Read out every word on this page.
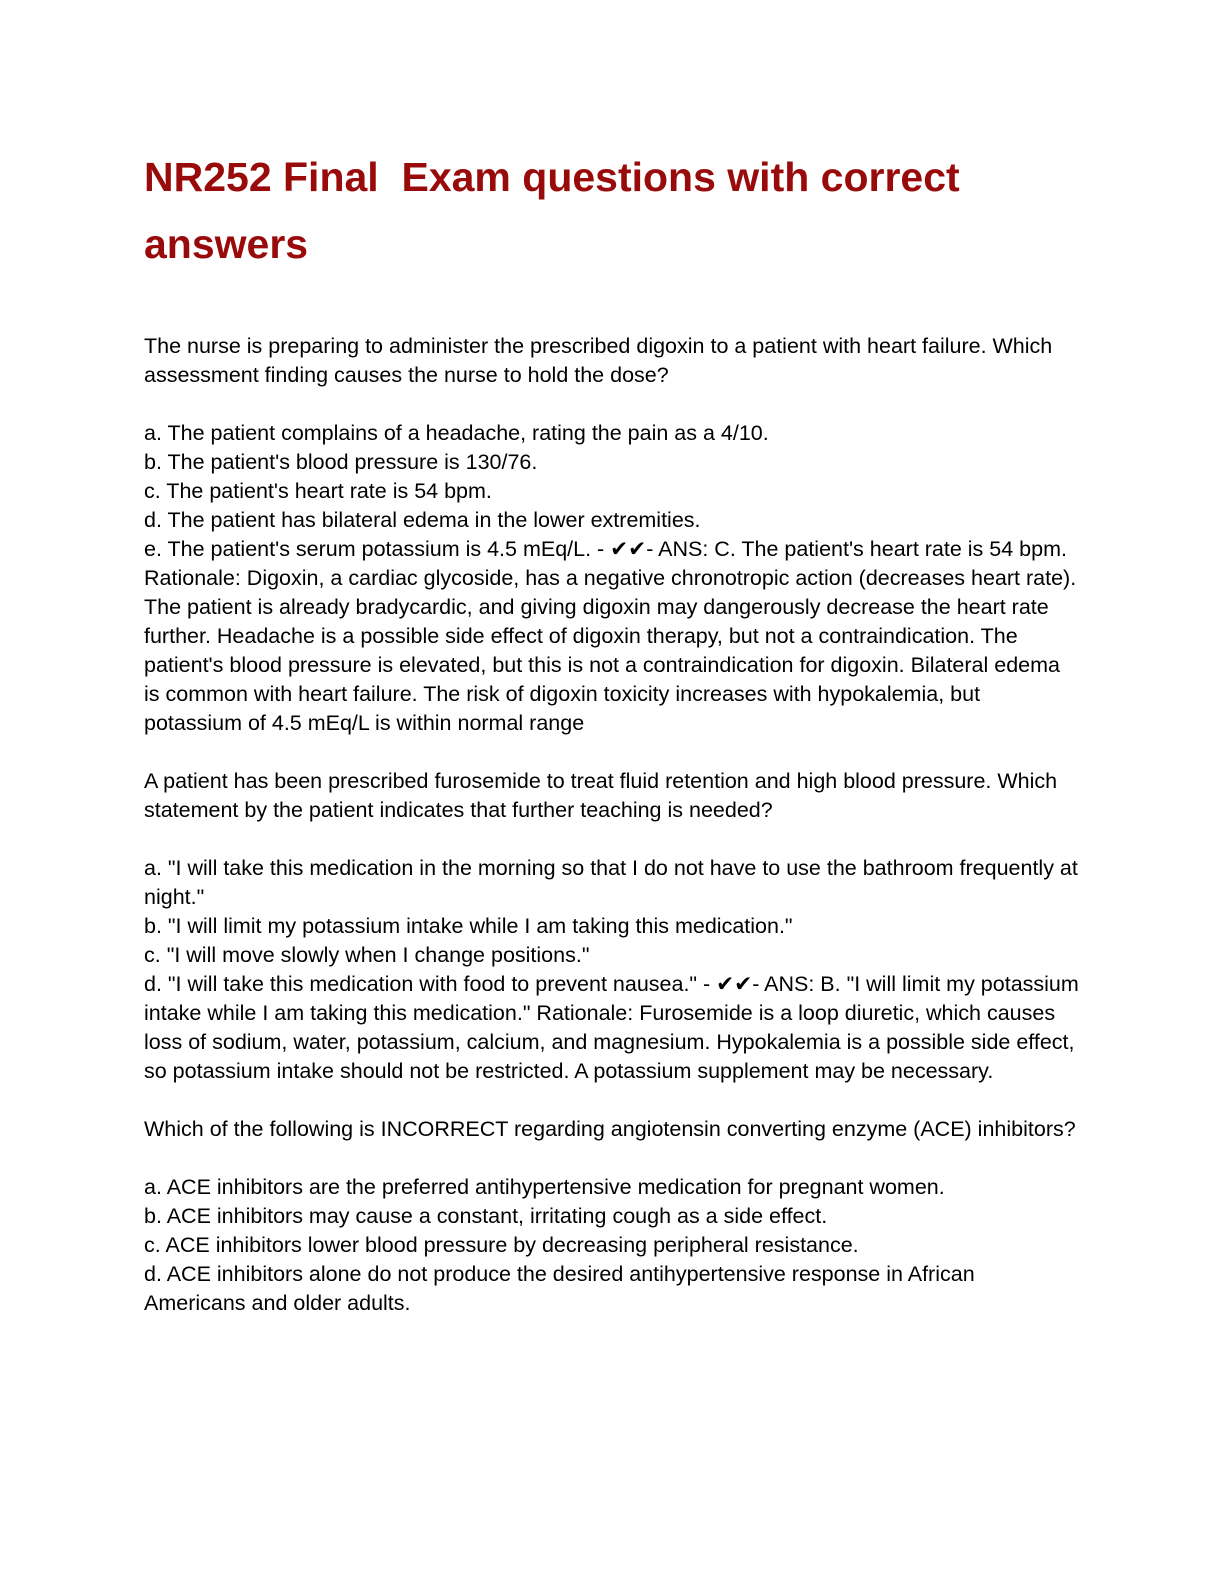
NR252 Final  Exam questions with correct answers

The nurse is preparing to administer the prescribed digoxin to a patient with heart failure. Which assessment finding causes the nurse to hold the dose?

a. The patient complains of a headache, rating the pain as a 4/10.

b. The patient's blood pressure is 130/76.

c. The patient's heart rate is 54 bpm.

d. The patient has bilateral edema in the lower extremities.

e. The patient's serum potassium is 4.5 mEq/L. - ✔✔- ANS: C. The patient's heart rate is 54 bpm. Rationale: Digoxin, a cardiac glycoside, has a negative chronotropic action (decreases heart rate). The patient is already bradycardic, and giving digoxin may dangerously decrease the heart rate further. Headache is a possible side effect of digoxin therapy, but not a contraindication. The patient's blood pressure is elevated, but this is not a contraindication for digoxin. Bilateral edema is common with heart failure. The risk of digoxin toxicity increases with hypokalemia, but potassium of 4.5 mEq/L is within normal range

A patient has been prescribed furosemide to treat fluid retention and high blood pressure. Which statement by the patient indicates that further teaching is needed?

a. "I will take this medication in the morning so that I do not have to use the bathroom frequently at night."

b. "I will limit my potassium intake while I am taking this medication."

c. "I will move slowly when I change positions."

d. "I will take this medication with food to prevent nausea." - ✔✔- ANS: B. "I will limit my potassium intake while I am taking this medication." Rationale: Furosemide is a loop diuretic, which causes loss of sodium, water, potassium, calcium, and magnesium. Hypokalemia is a possible side effect, so potassium intake should not be restricted. A potassium supplement may be necessary.

Which of the following is INCORRECT regarding angiotensin converting enzyme (ACE) inhibitors?

a. ACE inhibitors are the preferred antihypertensive medication for pregnant women.

b. ACE inhibitors may cause a constant, irritating cough as a side effect.

c. ACE inhibitors lower blood pressure by decreasing peripheral resistance.

d. ACE inhibitors alone do not produce the desired antihypertensive response in African Americans and older adults.
